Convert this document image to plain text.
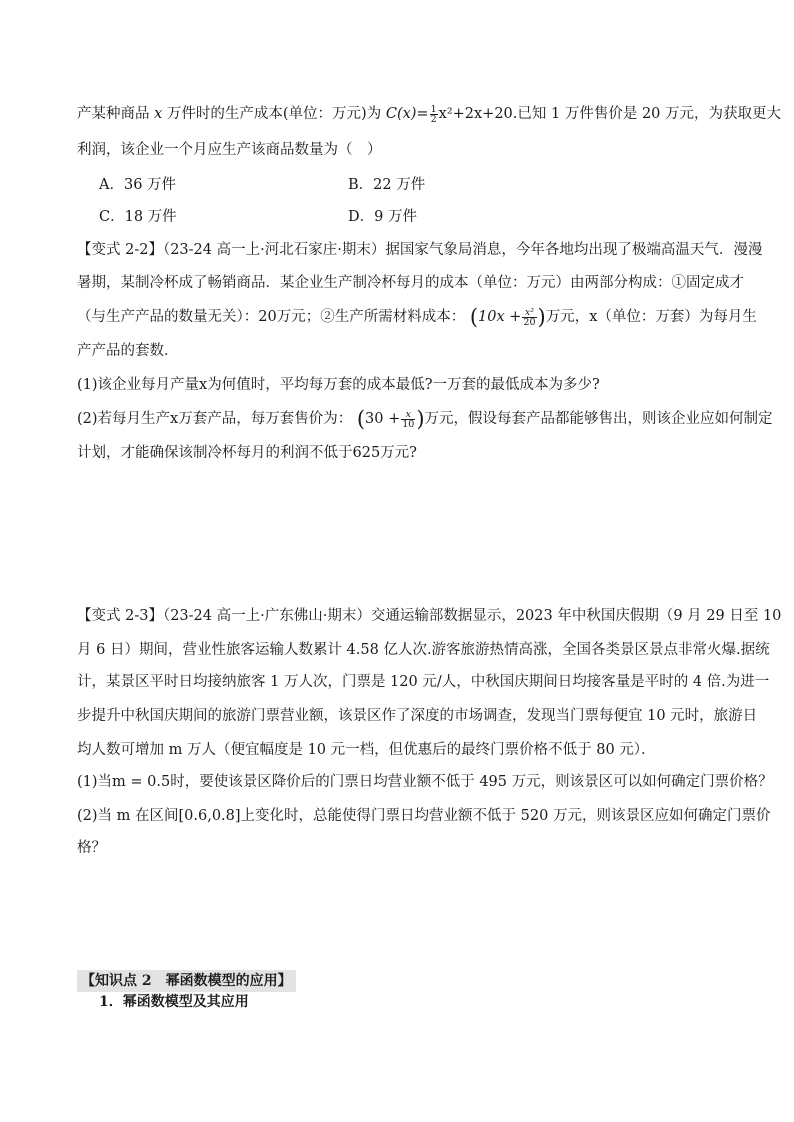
产某种商品 x 万件时的生产成本(单位：万元)为 $C(x)= \frac{1}{2} x^2+2x+20$.已知 1 万件售价是 20 万元，为获取更大
利润，该企业一个月应生产该商品数量为（　）
A．36 万件	B．22 万件
C．18 万件	D．9 万件
【变式 2-2】（23-24 高一上·河北石家庄·期末）据国家气象局消息，今年各地均出现了极端高温天气．漫漫
暑期，某制冷杯成了畅销商品．某企业生产制冷杯每月的成本（单位：万元）由两部分构成：①固定成才
（与生产产品的数量无关）：20万元；②生产所需材料成本： ($10x + \frac{\text{x²}}{20}$ )万元，x（单位：万套）为每月生
产产品的套数．
(1)该企业每月产量x为何值时，平均每万套的成本最低?一万套的最低成本为多少?
(2)若每月生产x万套产品，每万套售价为： ($30 + \frac{x}{10}$ )万元，假设每套产品都能够售出，则该企业应如何制定
计划，才能确保该制冷杯每月的利润不低于625万元?
【变式 2-3】（23-24 高一上·广东佛山·期末）交通运输部数据显示，2023 年中秋国庆假期（9 月 29 日至 10
月 6 日）期间，营业性旅客运输人数累计 4.58 亿人次.游客旅游热情高涨，全国各类景区景点非常火爆.据统
计，某景区平时日均接纳旅客 1 万人次，门票是 120 元/人，中秋国庆期间日均接客量是平时的 4 倍.为进一
步提升中秋国庆期间的旅游门票营业额，该景区作了深度的市场调查，发现当门票每便宜 10 元时，旅游日
均人数可增加 m 万人（便宜幅度是 10 元一档，但优惠后的最终门票价格不低于 80 元）．
(1)当m = 0.5时，要使该景区降价后的门票日均营业额不低于 495 万元，则该景区可以如何确定门票价格？
(2)当 m 在区间[0.6,0.8]上变化时，总能使得门票日均营业额不低于 520 万元，则该景区应如何确定门票价
格？
【知识点 2　幂函数模型的应用】
1．幂函数模型及其应用
